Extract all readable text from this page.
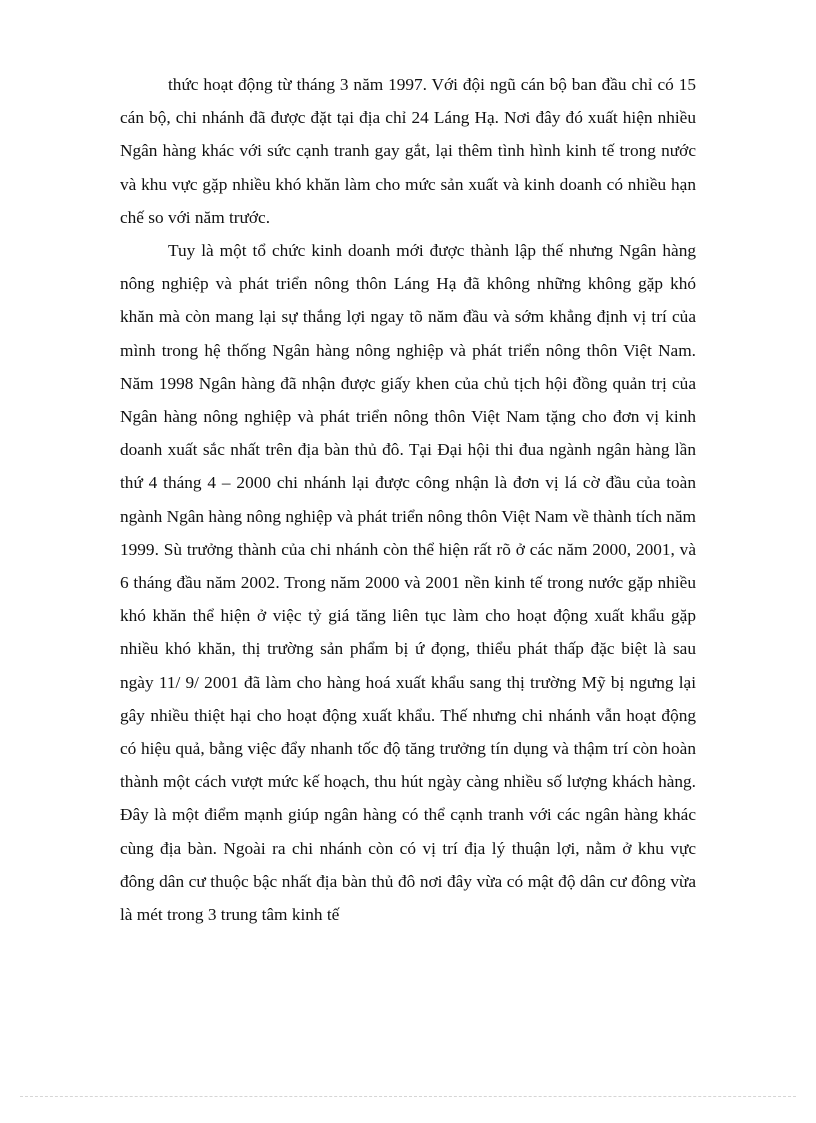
thức hoạt động từ tháng 3 năm 1997. Với đội ngũ cán bộ ban đầu chỉ có 15 cán bộ, chi nhánh đã được đặt tại địa chỉ 24 Láng Hạ. Nơi đây đó xuất hiện nhiều Ngân hàng khác với sức cạnh tranh gay gắt, lại thêm tình hình kinh tế trong nước và khu vực gặp nhiều khó khăn làm cho mức sản xuất và kinh doanh có nhiều hạn chế so với năm trước.

Tuy là một tổ chức kinh doanh mới được thành lập thế nhưng Ngân hàng nông nghiệp và phát triển nông thôn Láng Hạ đã không những không gặp khó khăn mà còn mang lại sự thắng lợi ngay tõ năm đầu và sớm khẳng định vị trí của mình trong hệ thống Ngân hàng nông nghiệp và phát triển nông thôn Việt Nam. Năm 1998 Ngân hàng đã nhận được giấy khen của chủ tịch hội đồng quản trị của Ngân hàng nông nghiệp và phát triển nông thôn Việt Nam tặng cho đơn vị kinh doanh xuất sắc nhất trên địa bàn thủ đô. Tại Đại hội thi đua ngành ngân hàng lần thứ 4 tháng 4 – 2000 chi nhánh lại được công nhận là đơn vị lá cờ đầu của toàn ngành Ngân hàng nông nghiệp và phát triển nông thôn Việt Nam về thành tích năm 1999. Sù trưởng thành của chi nhánh còn thể hiện rất rõ ở các năm 2000, 2001, và 6 tháng đầu năm 2002. Trong năm 2000 và 2001 nền kinh tế trong nước gặp nhiều khó khăn thể hiện ở việc tỷ giá tăng liên tục làm cho hoạt động xuất khẩu gặp nhiều khó khăn, thị trường sản phẩm bị ứ đọng, thiểu phát thấp đặc biệt là sau ngày 11/ 9/ 2001 đã làm cho hàng hoá xuất khẩu sang thị trường Mỹ bị ngưng lại gây nhiều thiệt hại cho hoạt động xuất khẩu. Thế nhưng chi nhánh vẫn hoạt động có hiệu quả, bằng việc đẩy nhanh tốc độ tăng trưởng tín dụng và thậm trí còn hoàn thành một cách vượt mức kế hoạch, thu hút ngày càng nhiều số lượng khách hàng. Đây là một điểm mạnh giúp ngân hàng có thể cạnh tranh với các ngân hàng khác cùng địa bàn. Ngoài ra chi nhánh còn có vị trí địa lý thuận lợi, nằm ở khu vực đông dân cư thuộc bậc nhất địa bàn thủ đô nơi đây vừa có mật độ dân cư đông vừa là mét trong 3 trung tâm kinh tế
